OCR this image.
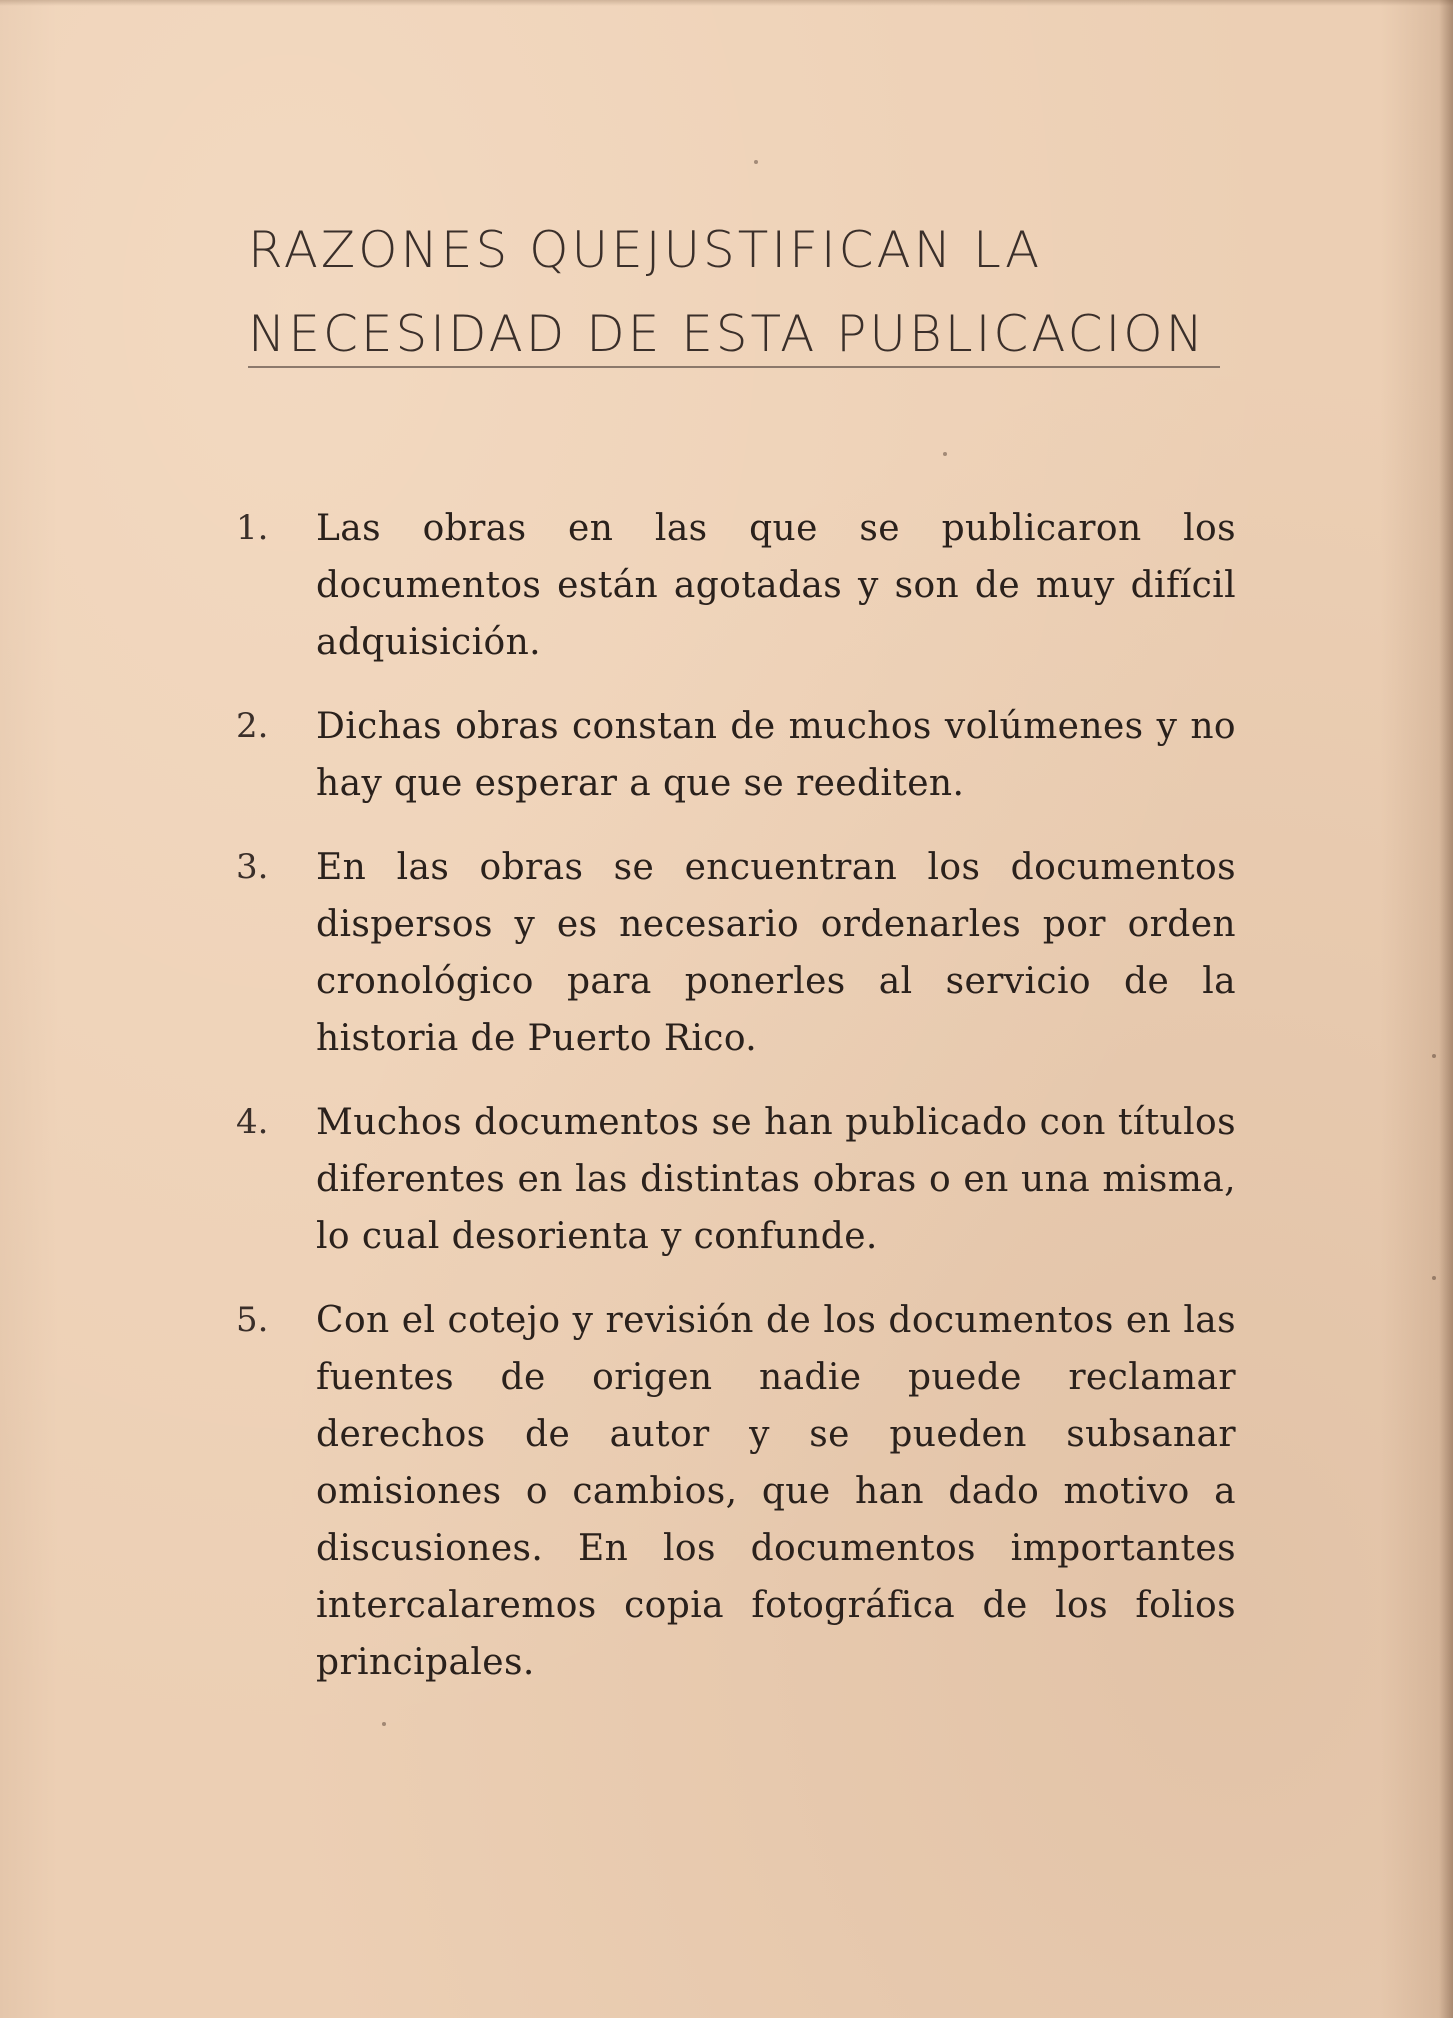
RAZONES QUEJUSTIFICAN LA
NECESIDAD DE ESTA PUBLICACION
1. Las obras en las que se publicaron los documentos están agotadas y son de muy difícil adquisición.
2. Dichas obras constan de muchos volúmenes y no hay que esperar a que se reediten.
3. En las obras se encuentran los documentos dispersos y es necesario ordenarles por orden cronológico para ponerles al servicio de la historia de Puerto Rico.
4. Muchos documentos se han publicado con títulos diferentes en las distintas obras o en una misma, lo cual desorienta y confunde.
5. Con el cotejo y revisión de los documentos en las fuentes de origen nadie puede reclamar derechos de autor y se pueden subsanar omisiones o cambios, que han dado motivo a discusiones. En los documentos importantes intercalaremos copia fotográfica de los folios principales.
